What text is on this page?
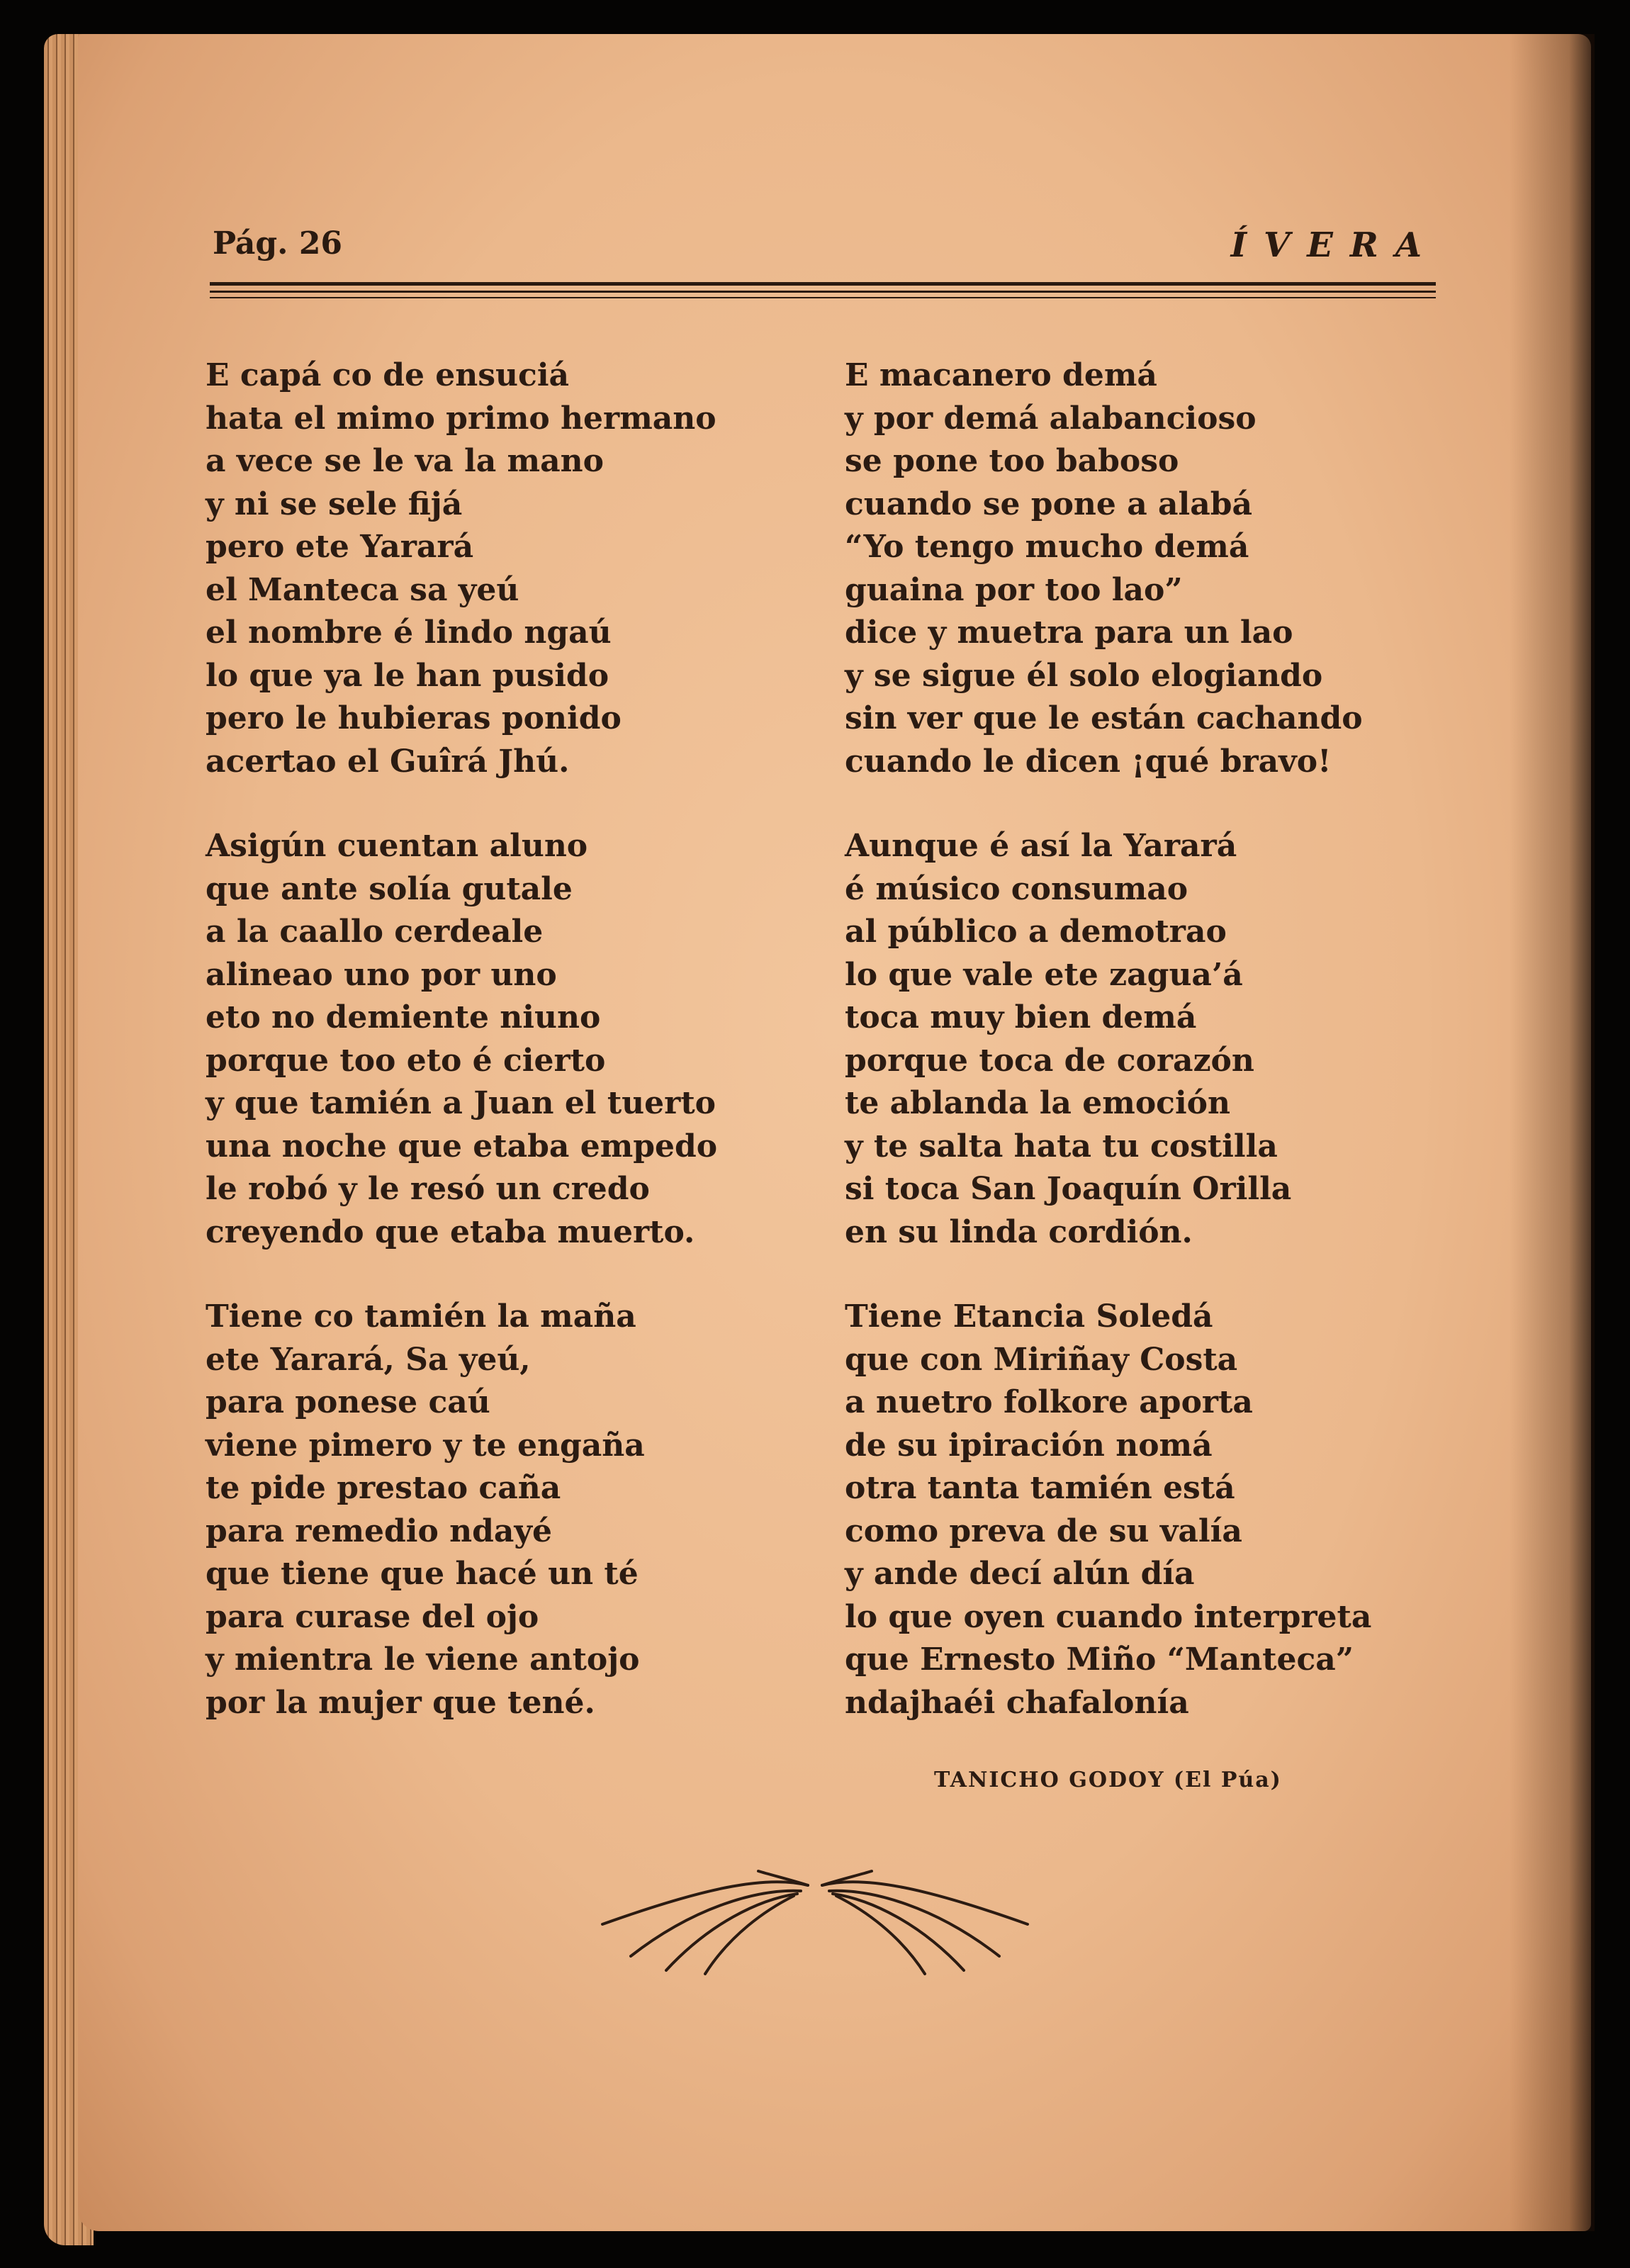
Pág. 26	ÍVERA
E capá co de ensuciá
hata el mimo primo hermano
a vece se le va la mano
y ni se sele fijá
pero ete Yarará
el Manteca sa yeú
el nombre é lindo ngaú
lo que ya le han pusido
pero le hubieras ponido
acertao el Guîrá Jhú.
Asigún cuentan aluno
que ante solía gutale
a la caallo cerdeale
alineao uno por uno
eto no demiente niuno
porque too eto é cierto
y que tamién a Juan el tuerto
una noche que etaba empedo
le robó y le resó un credo
creyendo que etaba muerto.
Tiene co tamién la maña
ete Yarará, Sa yeú,
para ponese caú
viene pimero y te engaña
te pide prestao caña
para remedio ndayé
que tiene que hacé un té
para curase del ojo
y mientra le viene antojo
por la mujer que tené.
E macanero demá
y por demá alabancioso
se pone too baboso
cuando se pone a alabá
“Yo tengo mucho demá
guaina por too lao”
dice y muetra para un lao
y se sigue él solo elogiando
sin ver que le están cachando
cuando le dicen ¡qué bravo!
Aunque é así la Yarará
é músico consumao
al público a demotrao
lo que vale ete zagua’á
toca muy bien demá
porque toca de corazón
te ablanda la emoción
y te salta hata tu costilla
si toca San Joaquín Orilla
en su linda cordión.
Tiene Etancia Soledá
que con Miriñay Costa
a nuetro folkore aporta
de su ipiración nomá
otra tanta tamién está
como preva de su valía
y ande decí alún día
lo que oyen cuando interpreta
que Ernesto Miño “Manteca”
ndajhaéi chafalonía
TANICHO GODOY (El Púa)
